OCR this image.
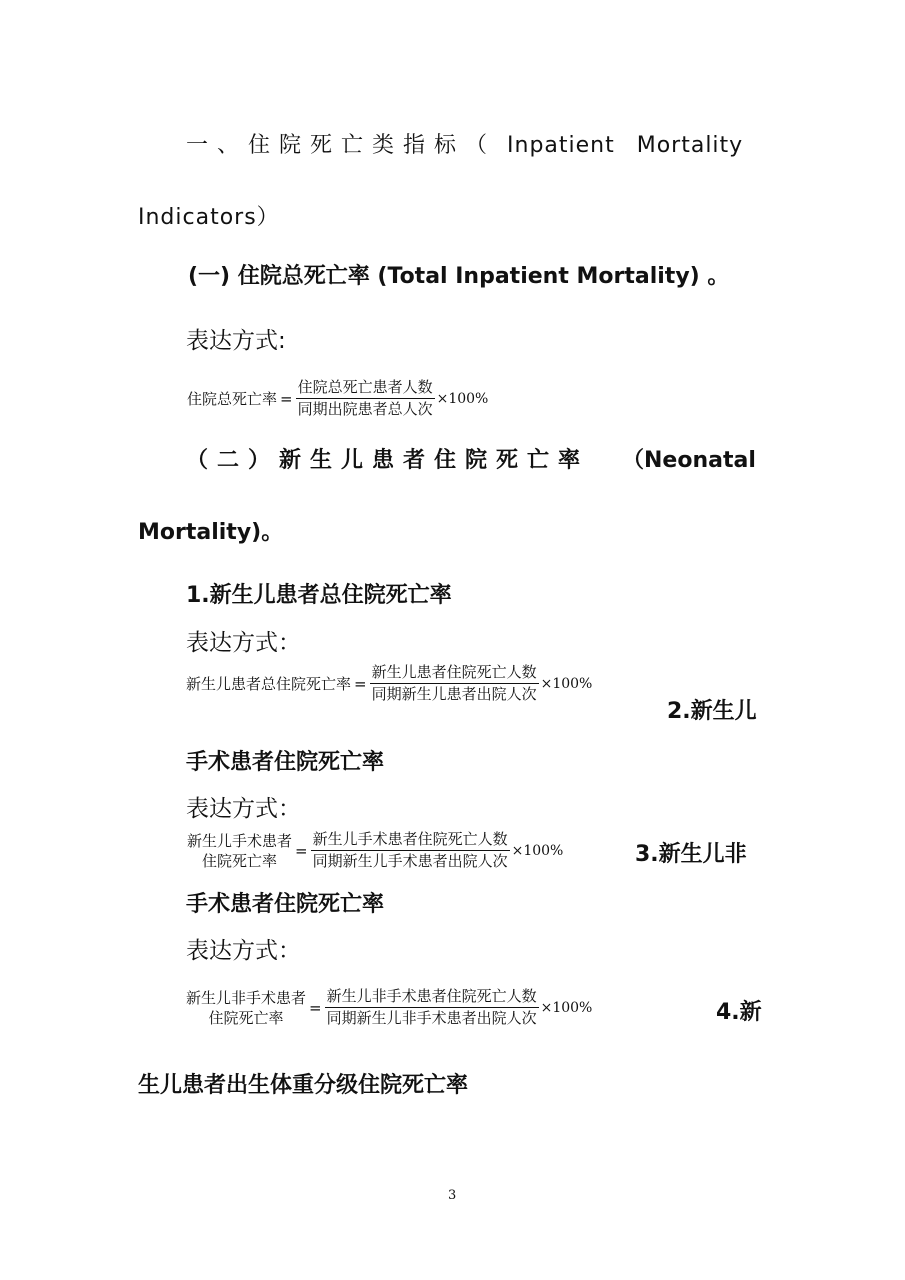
一、住院死亡类指标（ Inpatient Mortality
Indicators）
(一) 住院总死亡率 (Total Inpatient Mortality) 。
表达方式:
住院总死亡率 = $\frac{\text{住院总死亡患者人数}}{\text{同期出院患者总人次}} \times 100\%$
（二）新生儿患者住院死亡率 （Neonatal
Mortality)。
1.新生儿患者总住院死亡率
表达方式：
新生儿患者总住院死亡率 = $\frac{\text{新生儿患者住院死亡人数}}{\text{同期新生儿患者出院人次}} \times 100\%$
2.新生儿
手术患者住院死亡率
表达方式：
新生儿手术患者
住院死亡率
= $\frac{\text{新生儿手术患者住院死亡人数}}{\text{同期新生儿手术患者出院人次}} \times 100\%$	3.新生儿非
手术患者住院死亡率
表达方式：
新生儿非手术患者
住院死亡率
= $\frac{\text{新生儿非手术患者住院死亡人数}}{\text{同期新生儿非手术患者出院人次}} \times 100\%$	4.新
生儿患者出生体重分级住院死亡率
3
